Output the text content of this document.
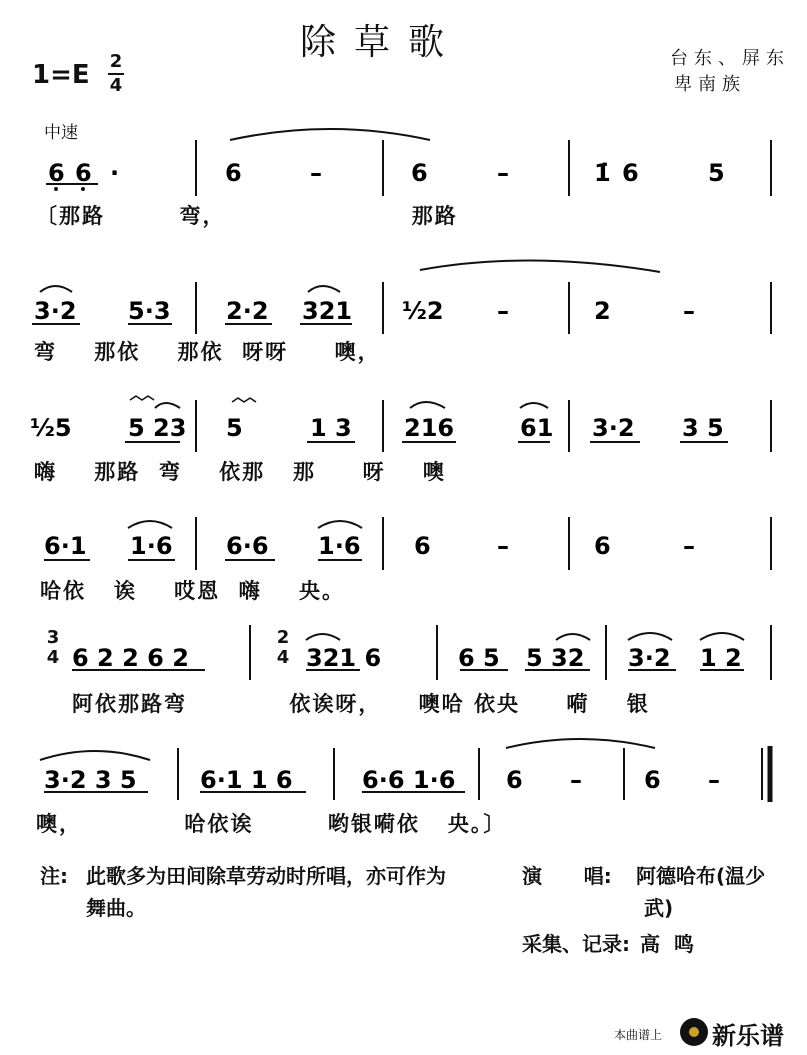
除草歌
1=E 2
4
台东、屏东
卑南族
中速
6 6 ·	6	–	6	–	1̇ 6	5
〔那路        弯，                    那路
3·2 5·3 2·2 321 ½2 –	2	–
弯    那依    那依  呀呀     噢，
½5 5 23 5	1 3 216	61 3·2 3 5
嗨    那路  弯    依那   那     呀    噢
6·1 1·6 6·6 1·6 6	–	6	–
哈依   诶    哎恩  嗨    央。
3
4
2
4
6 2 2 6 2	321 6	6 5 5 32 3·2 1 2
阿依那路弯           依诶呀，    噢哈 依央     嗬    银
3·2 3 5	6·1 1 6	6·6 1·6 6 –	6 –
噢，           哈依诶        哟银嗬依   央。〕
注: 此歌多为田间除草劳动时所唱，亦可作为
舞曲。
演      唱: 阿德哈布(温少
武)
采集、记录: 高  鸣
本曲谱上 新乐谱
